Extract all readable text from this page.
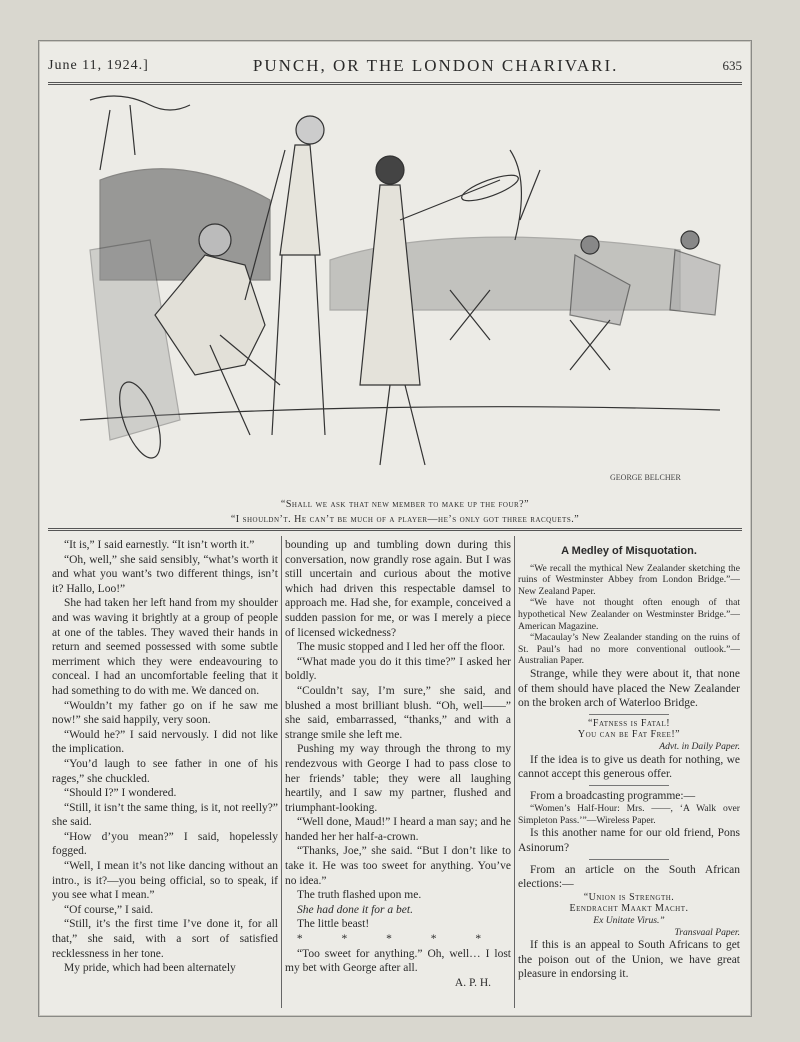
June 11, 1924.]	PUNCH, OR THE LONDON CHARIVARI.	635
GEORGE BELCHER
“Shall we ask that new member to make up the four?”
“I shouldn’t. He can’t be much of a player—he’s only got three racquets.”

“It is,” I said earnestly. “It isn’t worth it.”

“Oh, well,” she said sensibly, “what’s worth it and what you want’s two different things, isn’t it? Hallo, Loo!”

She had taken her left hand from my shoulder and was waving it brightly at a group of people at one of the tables. They waved their hands in return and seemed possessed with some subtle merriment which they were endeavouring to conceal. I had an uncomfortable feeling that it had something to do with me. We danced on.

“Wouldn’t my father go on if he saw me now!” she said happily, very soon.

“Would he?” I said nervously. I did not like the implication.

“You’d laugh to see father in one of his rages,” she chuckled.

“Should I?” I wondered.

“Still, it isn’t the same thing, is it, not reelly?” she said.

“How d’you mean?” I said, hopelessly fogged.

“Well, I mean it’s not like dancing without an intro., is it?—you being official, so to speak, if you see what I mean.”

“Of course,” I said.

“Still, it’s the first time I’ve done it, for all that,” she said, with a sort of satisfied recklessness in her tone.

My pride, which had been alternately

bounding up and tumbling down during this conversation, now grandly rose again. But I was still uncertain and curious about the motive which had driven this respectable damsel to approach me. Had she, for example, conceived a sudden passion for me, or was I merely a piece of licensed wickedness?

The music stopped and I led her off the floor.

“What made you do it this time?” I asked her boldly.

“Couldn’t say, I’m sure,” she said, and blushed a most brilliant blush. “Oh, well——” she said, embarrassed, “thanks,” and with a strange smile she left me.

Pushing my way through the throng to my rendezvous with George I had to pass close to her friends’ table; they were all laughing heartily, and I saw my partner, flushed and triumphant-looking.

“Well done, Maud!” I heard a man say; and he handed her her half-a-crown.

“Thanks, Joe,” she said. “But I don’t like to take it. He was too sweet for anything. You’ve no idea.”

The truth flashed upon me.

She had done it for a bet.

The little beast!

* * * * *

“Too sweet for anything.” Oh, well… I lost my bet with George after all.

A. P. H.

A Medley of Misquotation.

“We recall the mythical New Zealander sketching the ruins of Westminster Abbey from London Bridge.”—New Zealand Paper.

“We have not thought often enough of that hypothetical New Zealander on Westminster Bridge.”—American Magazine.

“Macaulay’s New Zealander standing on the ruins of St. Paul’s had no more conventional outlook.”—Australian Paper.

Strange, while they were about it, that none of them should have placed the New Zealander on the broken arch of Waterloo Bridge.

“Fatness is Fatal!

You can be Fat Free!”

Advt. in Daily Paper.

If the idea is to give us death for nothing, we cannot accept this generous offer.

From a broadcasting programme:—

“Women’s Half-Hour: Mrs. ——, ‘A Walk over Simpleton Pass.’”—Wireless Paper.

Is this another name for our old friend, Pons Asinorum?

From an article on the South African elections:—

“Union is Strength.

Eendracht Maakt Macht.

Ex Unitate Virus.”

Transvaal Paper.

If this is an appeal to South Africans to get the poison out of the Union, we have great pleasure in endorsing it.
